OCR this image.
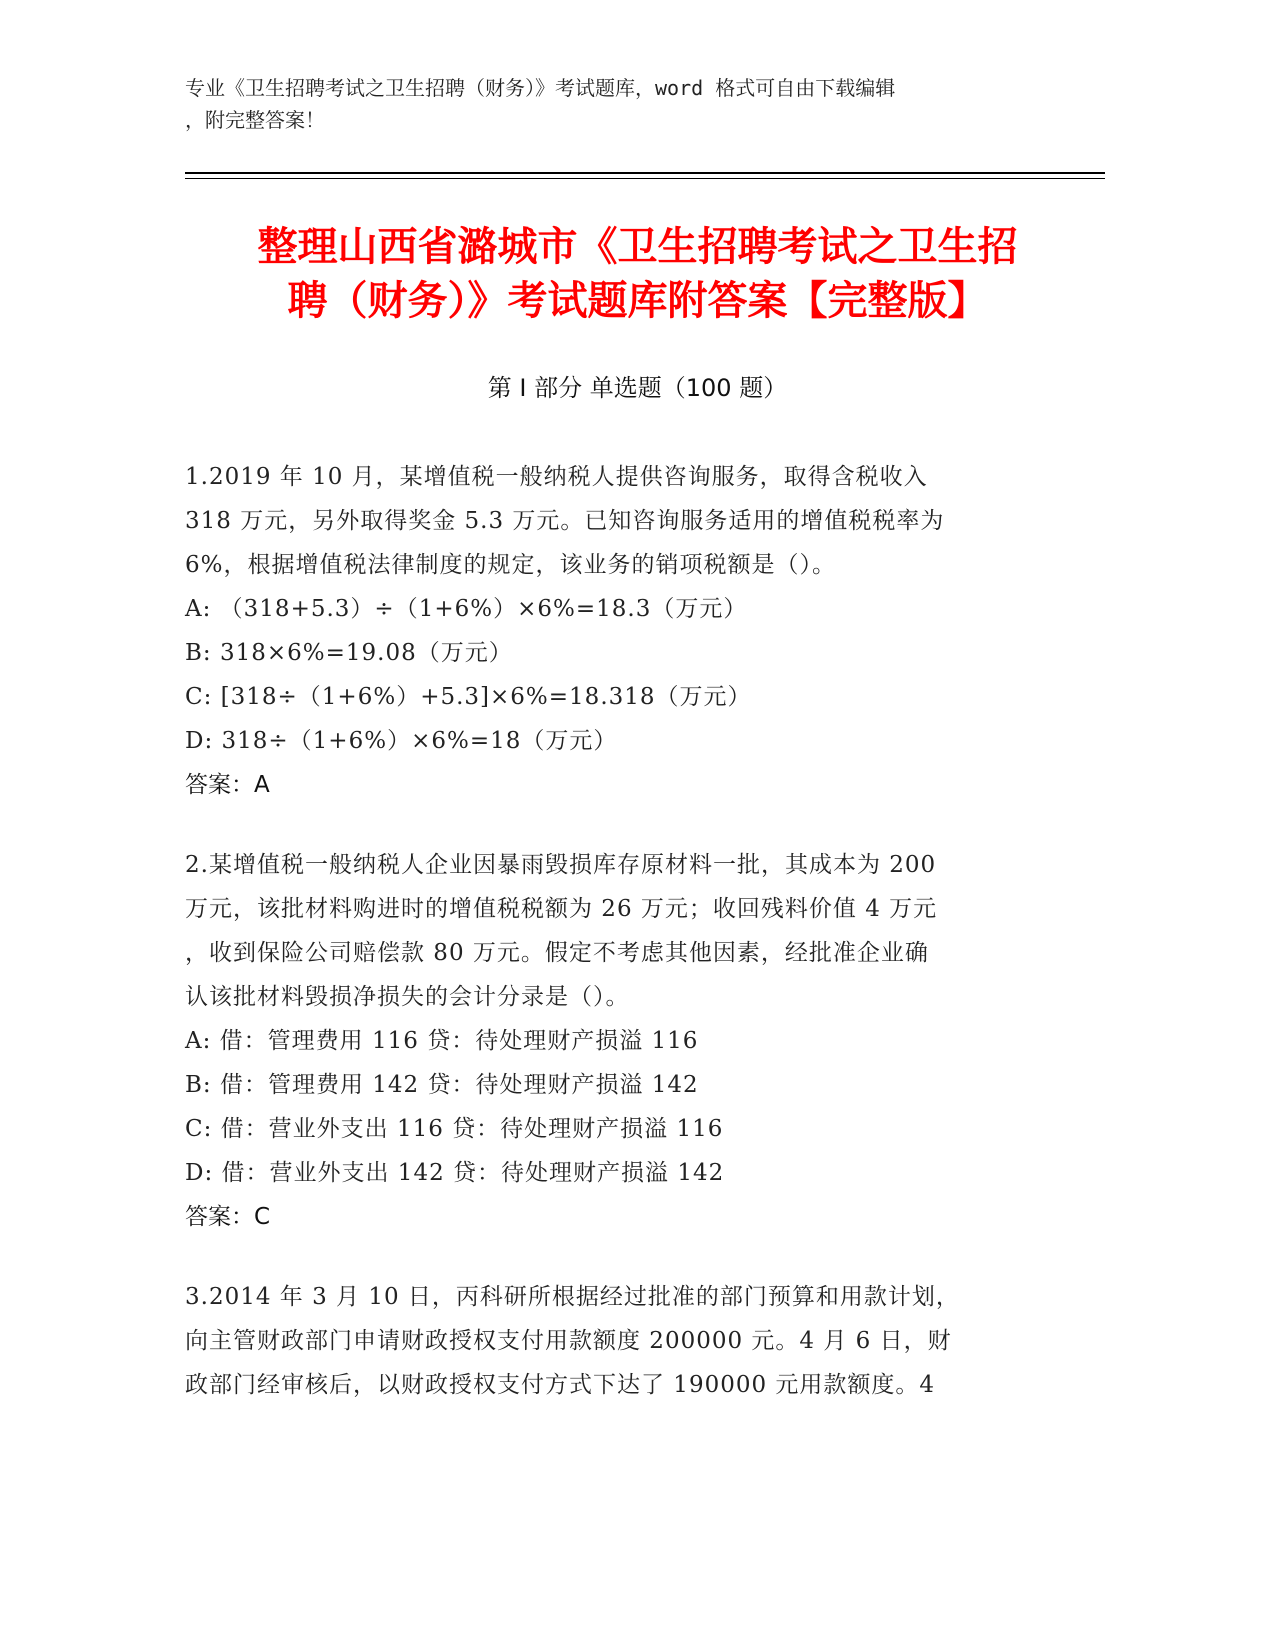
专业《卫生招聘考试之卫生招聘（财务）》考试题库，word 格式可自由下载编辑
，附完整答案！
整理山西省潞城市《卫生招聘考试之卫生招
聘（财务）》考试题库附答案【完整版】
第 I 部分 单选题（100 题）
1.2019 年 10 月，某增值税一般纳税人提供咨询服务，取得含税收入
318 万元，另外取得奖金 5.3 万元。已知咨询服务适用的增值税税率为
6%，根据增值税法律制度的规定，该业务的销项税额是（）。
A: （318+5.3）÷（1+6%）×6%=18.3（万元）
B: 318×6%=19.08（万元）
C: [318÷（1+6%）+5.3]×6%=18.318（万元）
D: 318÷（1+6%）×6%=18（万元）
答案：A
2.某增值税一般纳税人企业因暴雨毁损库存原材料一批，其成本为 200
万元，该批材料购进时的增值税税额为 26 万元；收回残料价值 4 万元
，收到保险公司赔偿款 80 万元。假定不考虑其他因素，经批准企业确
认该批材料毁损净损失的会计分录是（）。
A: 借：管理费用 116 贷：待处理财产损溢 116
B: 借：管理费用 142 贷：待处理财产损溢 142
C: 借：营业外支出 116 贷：待处理财产损溢 116
D: 借：营业外支出 142 贷：待处理财产损溢 142
答案：C
3.2014 年 3 月 10 日，丙科研所根据经过批准的部门预算和用款计划，
向主管财政部门申请财政授权支付用款额度 200000 元。4 月 6 日，财
政部门经审核后，以财政授权支付方式下达了 190000 元用款额度。4
